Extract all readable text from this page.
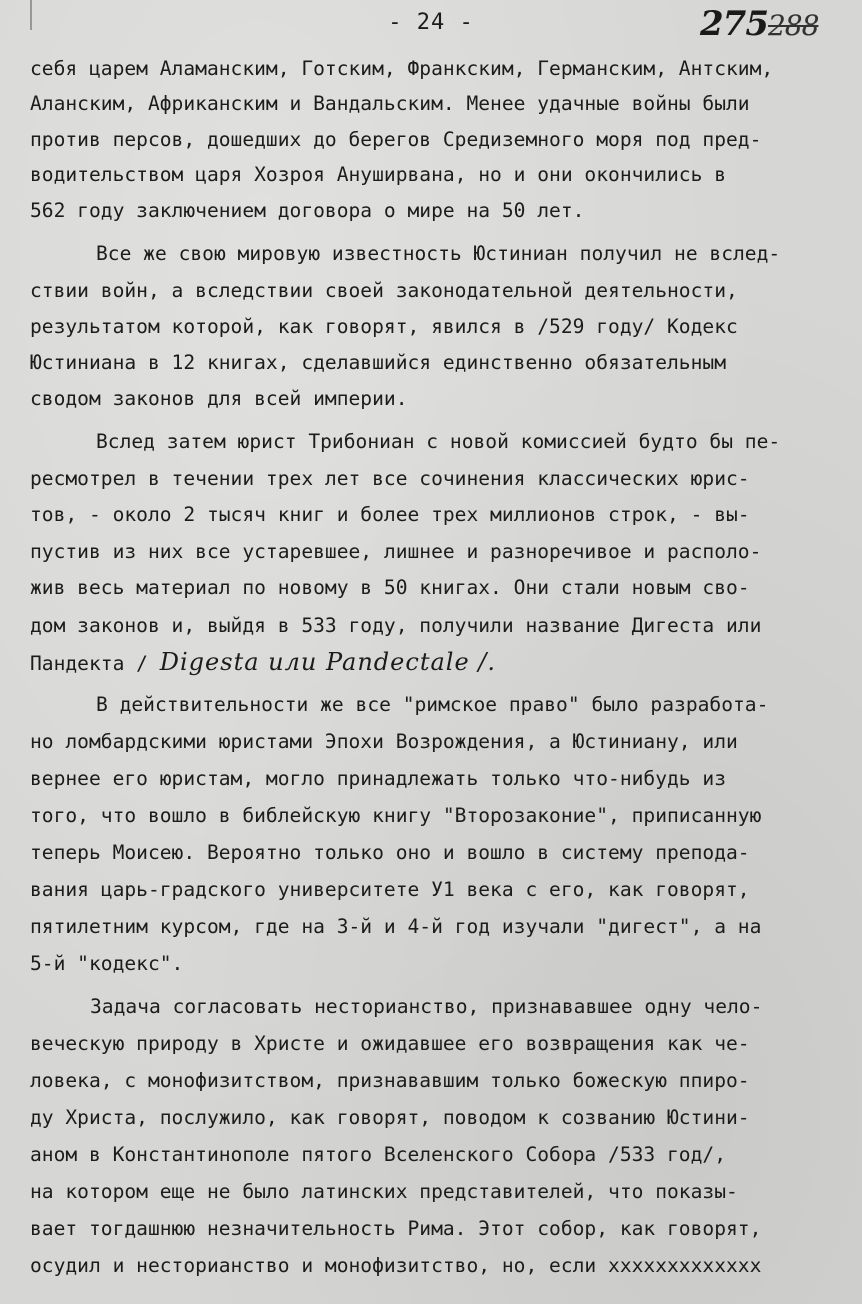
- 24 -	275288
себя царем Аламанским, Готским, Франкским, Германским, Антским,
Аланским, Африканским и Вандальским. Менее удачные войны были
против персов, дошедших до берегов Средиземного моря под пред-
водительством царя Хозроя Ануширвана, но и они окончились в
562 году заключением договора о мире на 50 лет.
Все же свою мировую известность Юстиниан получил не вслед-
ствии войн, а вследствии своей законодательной деятельности,
результатом которой, как говорят, явился в /529 году/ Кодекс
Юстиниана в 12 книгах, сделавшийся единственно обязательным
сводом законов для всей империи.
Вслед затем юрист Трибониан с новой комиссией будто бы пе-
ресмотрел в течении трех лет все сочинения классических юрис-
тов, - около 2 тысяч книг и более трех миллионов строк, - вы-
пустив из них все устаревшее, лишнее и разноречивое и располо-
жив весь материал по новому в 50 книгах. Они стали новым сво-
дом законов и, выйдя в 533 году, получили название Дигеста или
Пандекта / Digesta или Pandectale /.
В действительности же все "римское право" было разработа-
но ломбардскими юристами Эпохи Возрождения, а Юстиниану, или
вернее его юристам, могло принадлежать только что-нибудь из
того, что вошло в библейскую книгу "Второзаконие", приписанную
теперь Моисею. Вероятно только оно и вошло в систему препода-
вания царь-градского университете У1 века с его, как говорят,
пятилетним курсом, где на 3-й и 4-й год изучали "дигест", а на
5-й "кодекс".
Задача согласовать несторианство, признававшее одну чело-
веческую природу в Христе и ожидавшее его возвращения как че-
ловека, с монофизитством, признававшим только божескую ппиро-
ду Христа, послужило, как говорят, поводом к созванию Юстини-
аном в Константинополе пятого Вселенского Собора /533 год/,
на котором еще не было латинских представителей, что показы-
вает тогдашнюю незначительность Рима. Этот собор, как говорят,
осудил и несторианство и монофизитство, но, если ххххххххххххх
